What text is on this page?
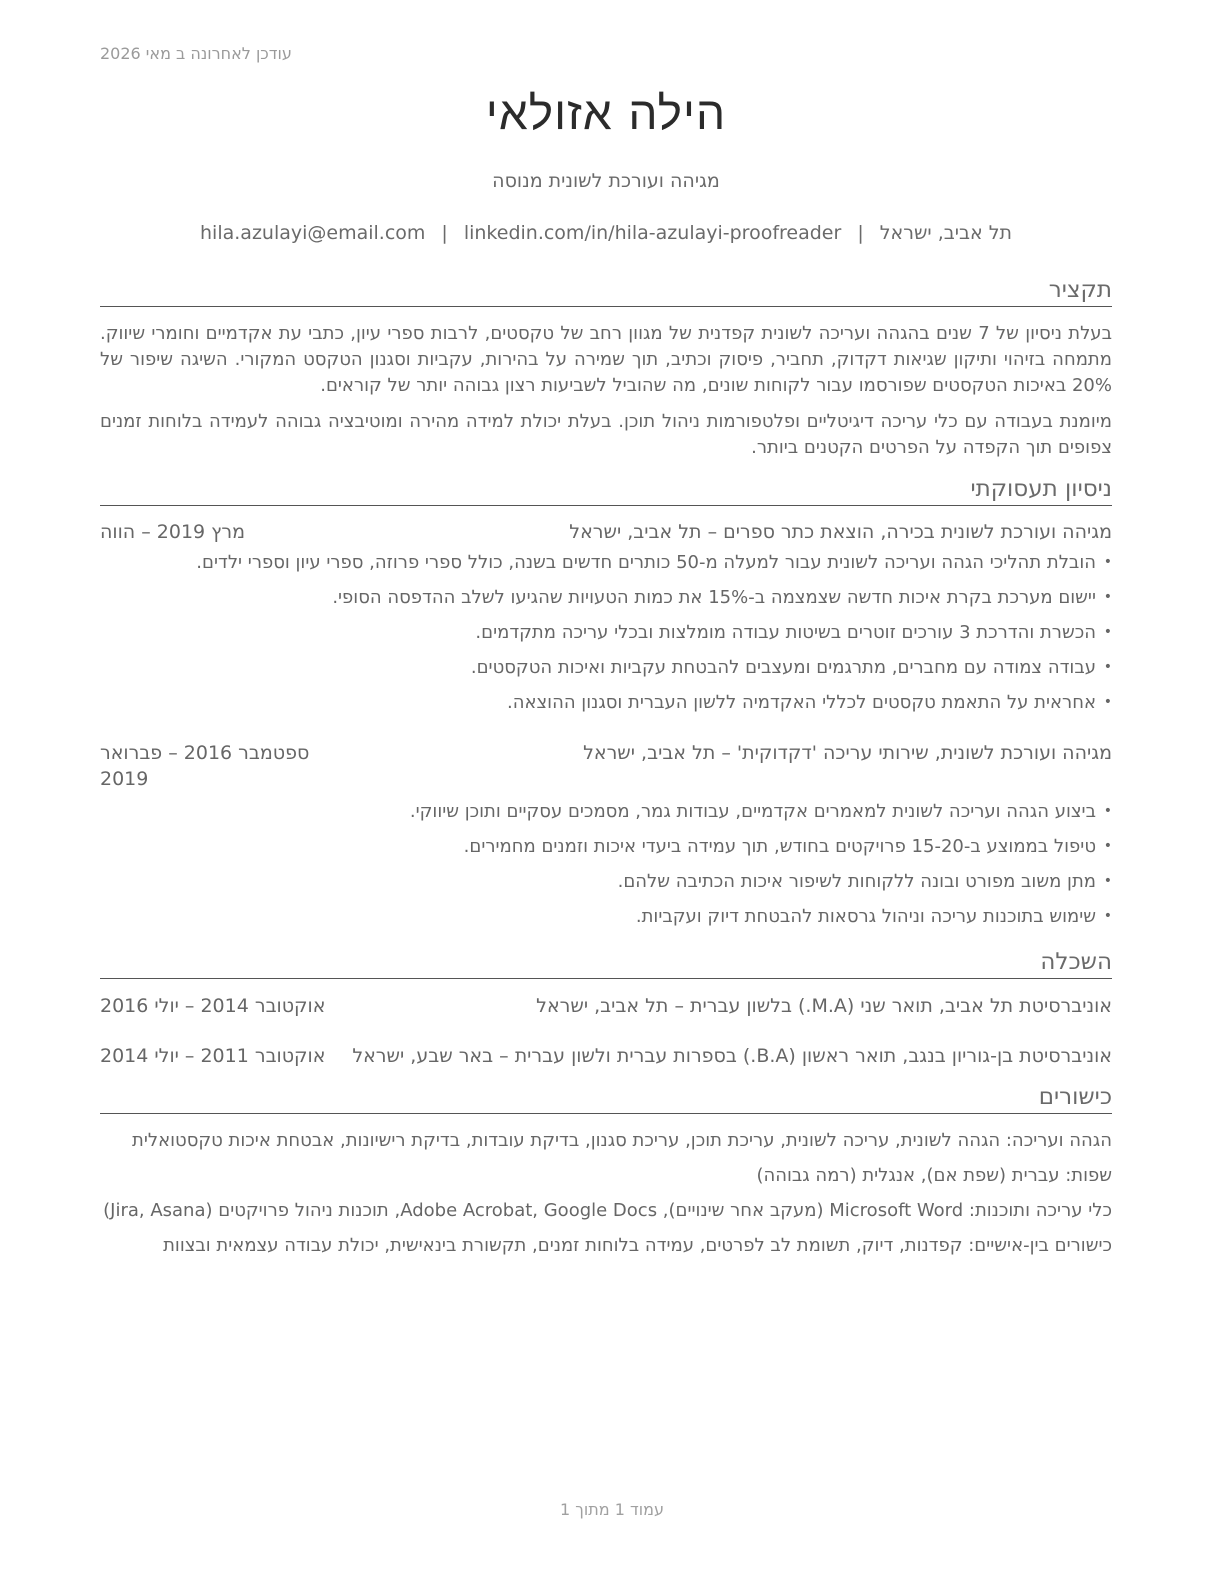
עודכן לאחרונה ב מאי 2026
הילה אזולאי
מגיהה ועורכת לשונית מנוסה
תל אביב, ישראל|hila.azulayi@email.com | linkedin.com/in/hila-azulayi-proofreader
תקציר

בעלת ניסיון של 7 שנים בהגהה ועריכה לשונית קפדנית של מגוון רחב של טקסטים, לרבות ספרי עיון, כתבי עת אקדמיים וחומרי שיווק. מתמחה בזיהוי ותיקון שגיאות דקדוק, תחביר, פיסוק וכתיב, תוך שמירה על בהירות, עקביות וסגנון הטקסט המקורי. השיגה שיפור של 20% באיכות הטקסטים שפורסמו עבור לקוחות שונים, מה שהוביל לשביעות רצון גבוהה יותר של קוראים.

מיומנת בעבודה עם כלי עריכה דיגיטליים ופלטפורמות ניהול תוכן. בעלת יכולת למידה מהירה ומוטיבציה גבוהה לעמידה בלוחות זמנים צפופים תוך הקפדה על הפרטים הקטנים ביותר.

ניסיון תעסוקתי
מגיהה ועורכת לשונית בכירה, הוצאת כתר ספרים – תל אביב, ישראל
מרץ 2019 – הווה
• הובלת תהליכי הגהה ועריכה לשונית עבור למעלה מ-50 כותרים חדשים בשנה, כולל ספרי פרוזה, ספרי עיון וספרי ילדים.
• יישום מערכת בקרת איכות חדשה שצמצמה ב-15% את כמות הטעויות שהגיעו לשלב ההדפסה הסופי.
• הכשרת והדרכת 3 עורכים זוטרים בשיטות עבודה מומלצות ובכלי עריכה מתקדמים.
• עבודה צמודה עם מחברים, מתרגמים ומעצבים להבטחת עקביות ואיכות הטקסטים.
• אחראית על התאמת טקסטים לכללי האקדמיה ללשון העברית וסגנון ההוצאה.
מגיהה ועורכת לשונית, שירותי עריכה 'דקדוקית' – תל אביב, ישראל
ספטמבר 2016 – פברואר 2019
• ביצוע הגהה ועריכה לשונית למאמרים אקדמיים, עבודות גמר, מסמכים עסקיים ותוכן שיווקי.
• טיפול בממוצע ב-15-20 פרויקטים בחודש, תוך עמידה ביעדי איכות וזמנים מחמירים.
• מתן משוב מפורט ובונה ללקוחות לשיפור איכות הכתיבה שלהם.
• שימוש בתוכנות עריכה וניהול גרסאות להבטחת דיוק ועקביות.
השכלה
אוניברסיטת תל אביב, תואר שני (M.A.) בלשון עברית – תל אביב, ישראל
אוקטובר 2014 – יולי 2016
אוניברסיטת בן-גוריון בנגב, תואר ראשון (B.A.) בספרות עברית ולשון עברית – באר שבע, ישראל
אוקטובר 2011 – יולי 2014
כישורים
הגהה ועריכה: הגהה לשונית, עריכה לשונית, עריכת תוכן, עריכת סגנון, בדיקת עובדות, בדיקת רישיונות, אבטחת איכות טקסטואלית
שפות: עברית (שפת אם), אנגלית (רמה גבוהה)
כלי עריכה ותוכנות: Microsoft Word (מעקב אחר שינויים), Adobe Acrobat, Google Docs, תוכנות ניהול פרויקטים (Jira, Asana)
כישורים בין-אישיים: קפדנות, דיוק, תשומת לב לפרטים, עמידה בלוחות זמנים, תקשורת בינאישית, יכולת עבודה עצמאית ובצוות
עמוד 1 מתוך 1
